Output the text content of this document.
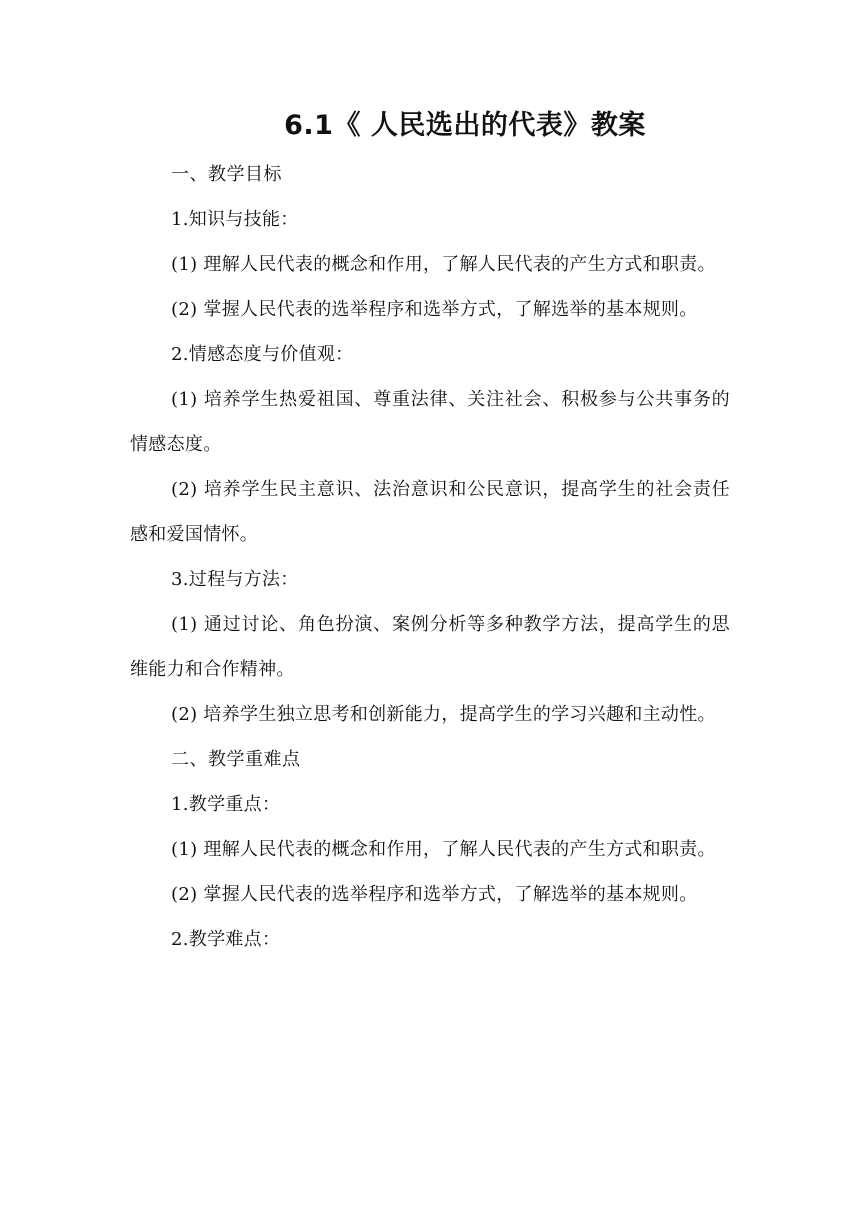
6.1《 人民选出的代表》教案

一、教学目标

1.知识与技能：

(1) 理解人民代表的概念和作用，了解人民代表的产生方式和职责。

(2) 掌握人民代表的选举程序和选举方式，了解选举的基本规则。

2.情感态度与价值观：

(1) 培养学生热爱祖国、尊重法律、关注社会、积极参与公共事务的情感态度。

(2) 培养学生民主意识、法治意识和公民意识，提高学生的社会责任感和爱国情怀。

3.过程与方法：

(1) 通过讨论、角色扮演、案例分析等多种教学方法，提高学生的思维能力和合作精神。

(2) 培养学生独立思考和创新能力，提高学生的学习兴趣和主动性。

二、教学重难点

1.教学重点：

(1) 理解人民代表的概念和作用，了解人民代表的产生方式和职责。

(2) 掌握人民代表的选举程序和选举方式，了解选举的基本规则。

2.教学难点：
